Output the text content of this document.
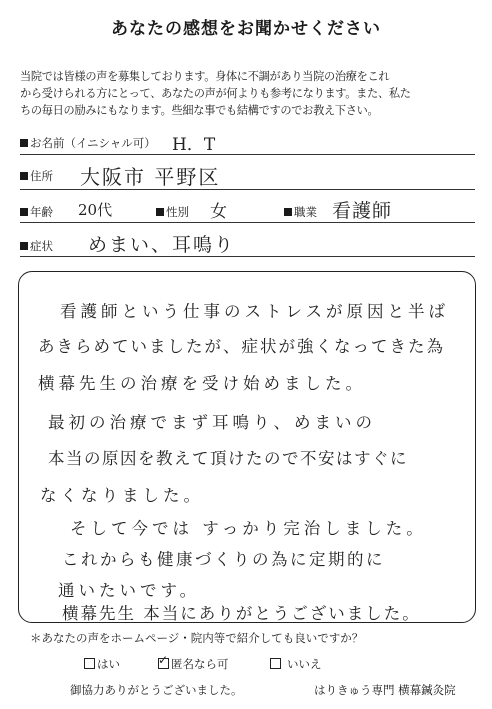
あなたの感想をお聞かせください
当院では皆様の声を募集しております。身体に不調があり当院の治療をこれ
から受けられる方にとって、あなたの声が何よりも参考になります。また、私た
ちの毎日の励みにもなります。些細な事でも結構ですのでお教え下さい。
お名前（イニシャル可） H．T
住所 大阪市 平野区
年齢 20代	性別 女	職業 看護師
症状 めまい、耳鳴り
看護師という仕事のストレスが原因と半ば
あきらめていましたが、症状が強くなってきた為
横幕先生の治療を受け始めました。
最初の治療でまず耳鳴り、めまいの
本当の原因を教えて頂けたので不安はすぐに
なくなりました。
そして今では すっかり完治しました。
これからも健康づくりの為に定期的に
通いたいです。
横幕先生 本当にありがとうございました。
＊あなたの声をホームページ・院内等で紹介しても良いですか？
はい
✓	匿名なら可	いいえ
御協力ありがとうございました。	はりきゅう専門 横幕鍼灸院
